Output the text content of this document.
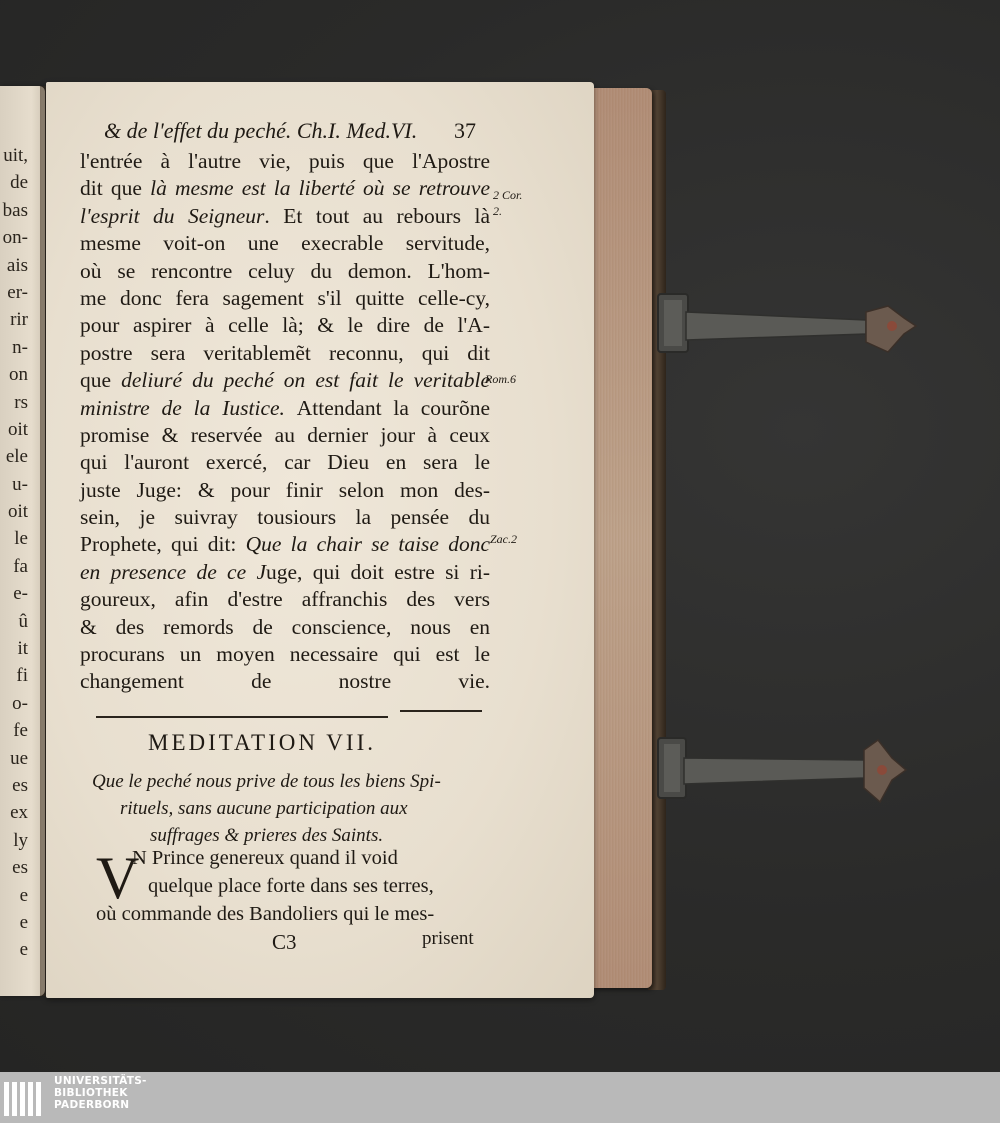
uit,
de
bas
on-
ais
er-
rir
n-
on
rs
oit
ele
u-
oit
le
fa
e-
û
it
fi
o-
fe
ue
es
ex
ly
es
e
e
e
& de l'effet du peché. Ch.I. Med.VI. 37
l'entrée à l'autre vie, puis que l'Apostre
dit que là mesme est la liberté où se retrouve
l'esprit du Seigneur. Et tout au rebours là
mesme voit-on une execrable servitude,
où se rencontre celuy du demon. L'hom-
me donc fera sagement s'il quitte celle-cy,
pour aspirer à celle là; & le dire de l'A-
postre sera veritablemẽt reconnu, qui dit
que deliuré du peché on est fait le veritable
ministre de la Iustice. Attendant la courõne
promise & reservée au dernier jour à ceux
qui l'auront exercé, car Dieu en sera le
juste Juge: & pour finir selon mon des-
sein, je suivray tousiours la pensée du
Prophete, qui dit: Que la chair se taise donc
en presence de ce Juge, qui doit estre si ri-
goureux, afin d'estre affranchis des vers
& des remords de conscience, nous en
procurans un moyen necessaire qui est le
changement de nostre vie.
2 Cor.
2.
Rom.6
Zac.2
MEDITATION VII.
Que le peché nous prive de tous les biens Spi-
rituels, sans aucune participation aux
suffrages & prieres des Saints.
V
N Prince genereux quand il void
quelque place forte dans ses terres,
où commande des Bandoliers qui le mes-
C3	prisent
UNIVERSITÄTS-
BIBLIOTHEK
PADERBORN
